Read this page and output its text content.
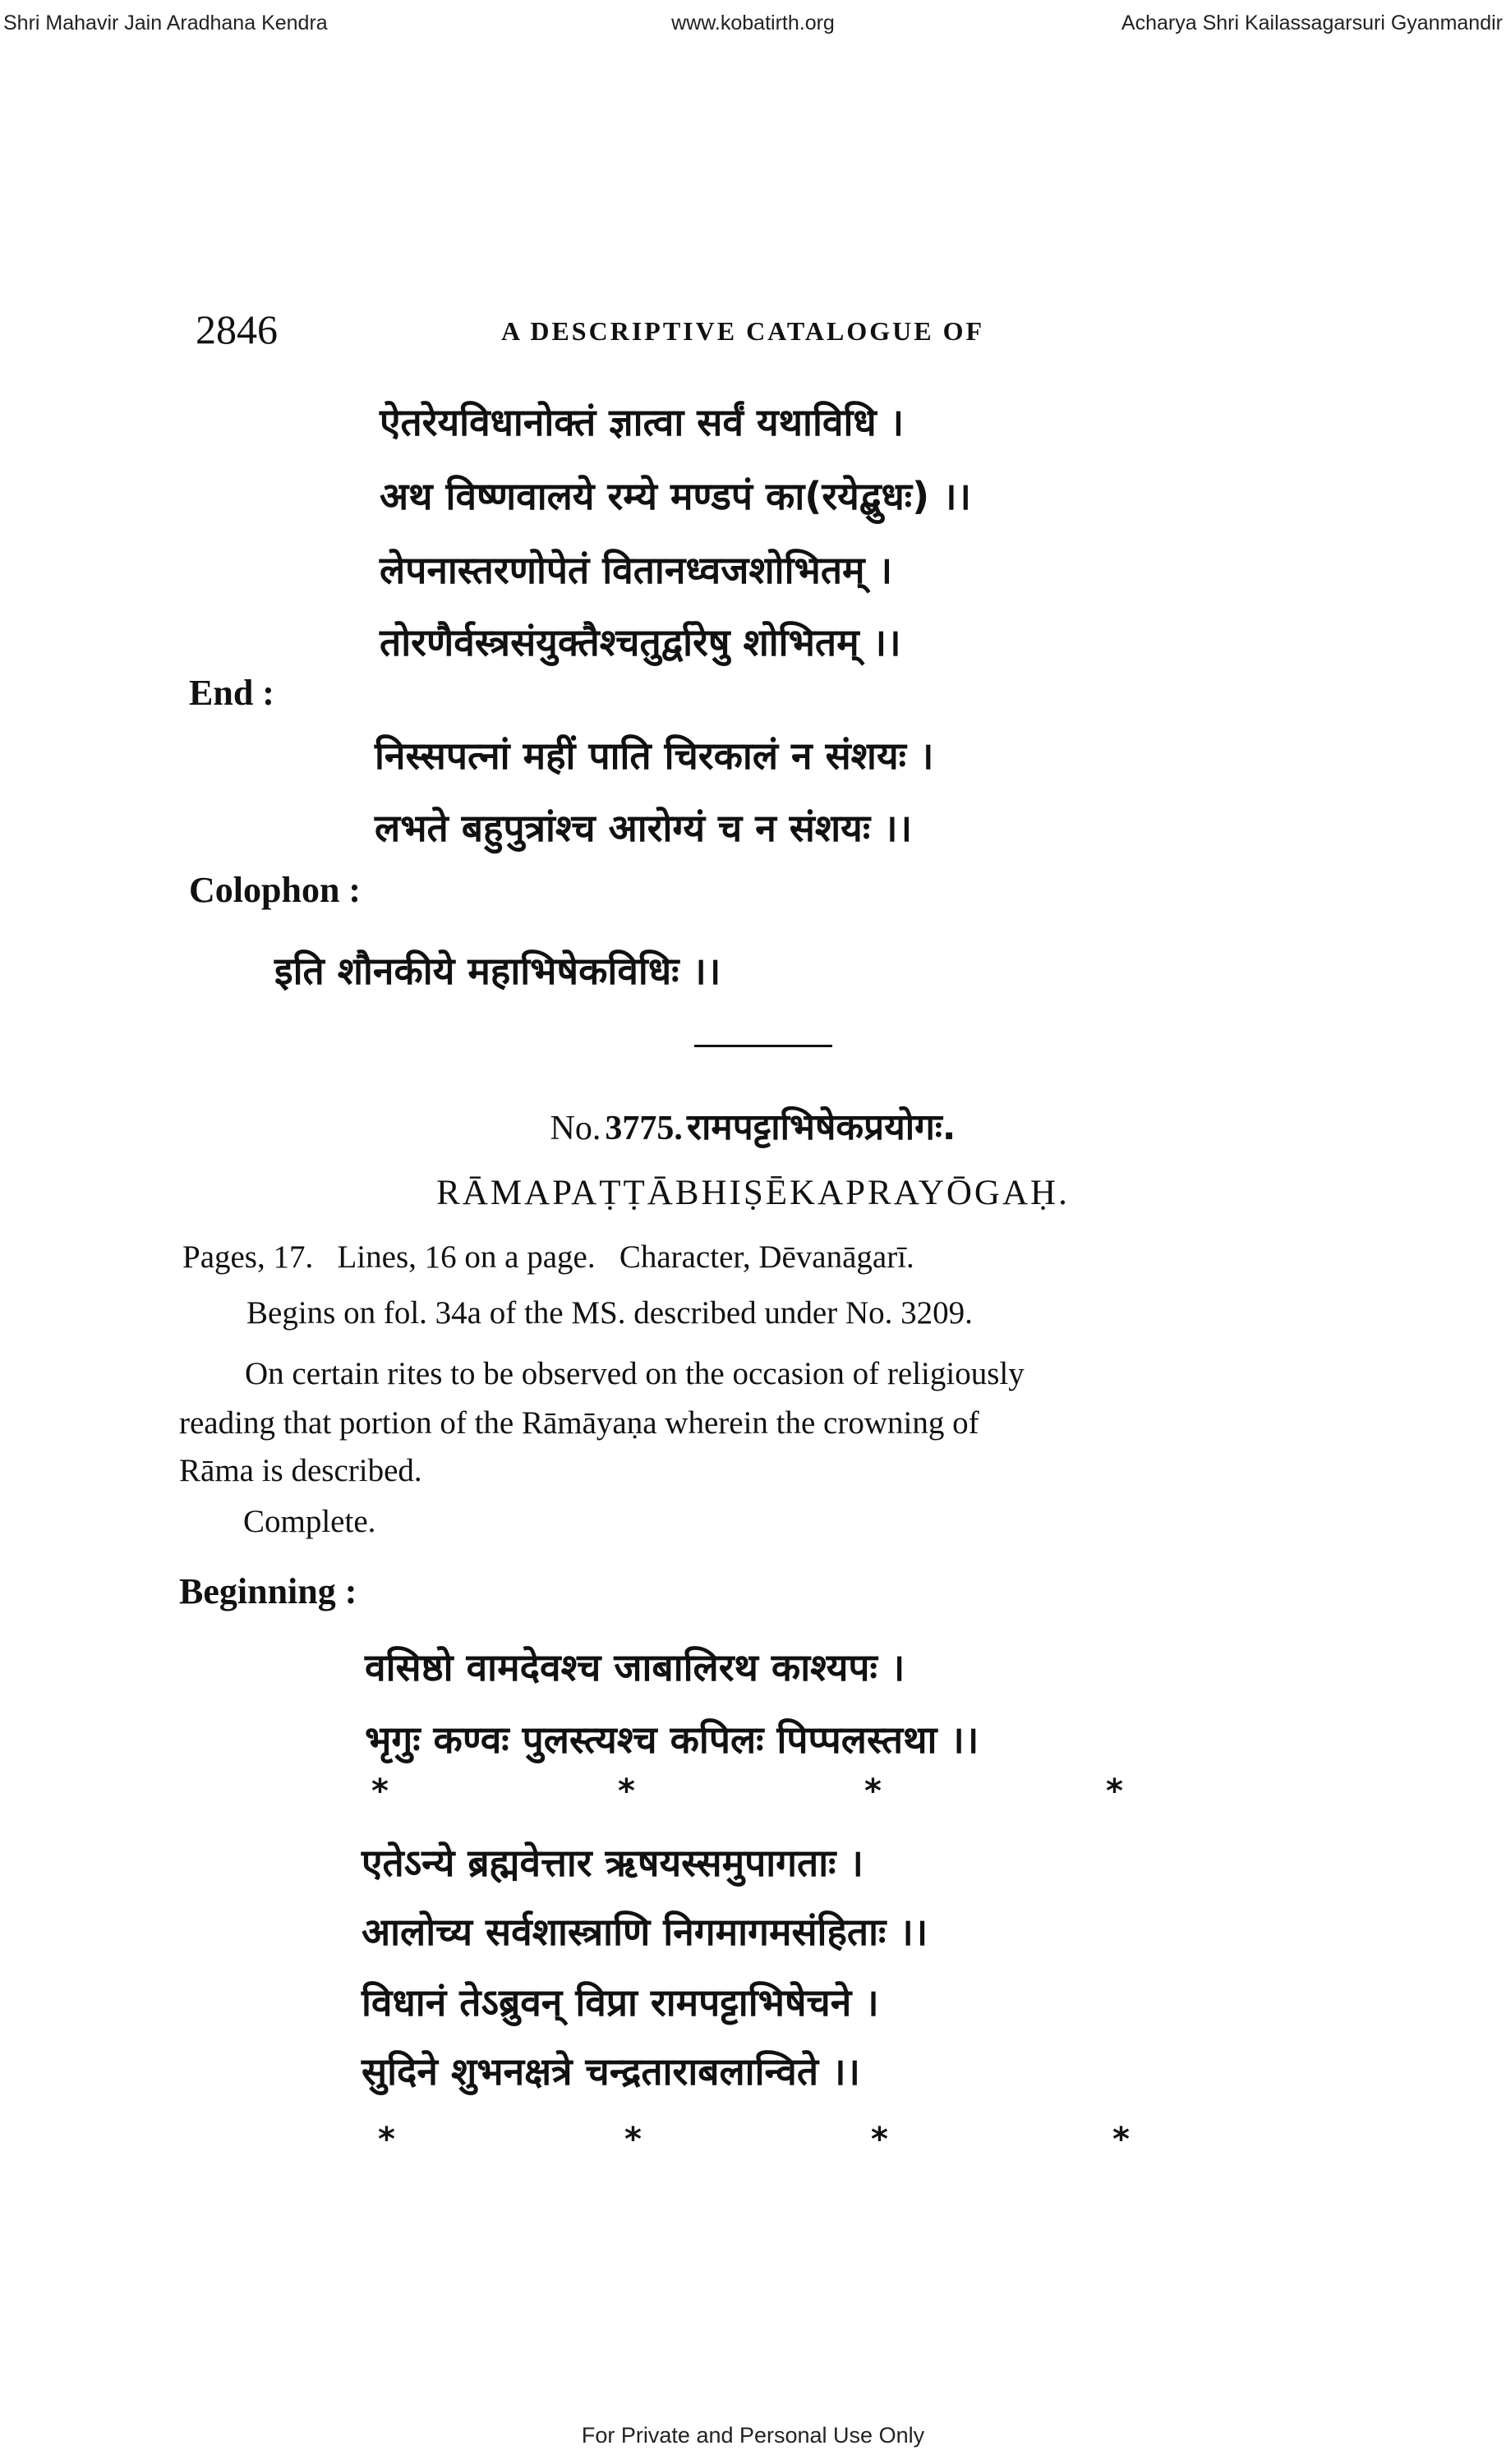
Shri Mahavir Jain Aradhana Kendra	www.kobatirth.org	Acharya Shri Kailassagarsuri Gyanmandir
2846	A DESCRIPTIVE CATALOGUE OF
ऐतरेयविधानोक्तं ज्ञात्वा सर्वं यथाविधि ।
अथ विष्णवालये रम्ये मण्डपं का(रयेद्बुधः) ।।
लेपनास्तरणोपेतं वितानध्वजशोभितम् ।
तोरणैर्वस्त्रसंयुक्तैश्चतुर्द्वारेषु शोभितम् ।।
End :
निस्सपत्नां महीं पाति चिरकालं न संशयः ।
लभते बहुपुत्रांश्च आरोग्यं च न संशयः ।।
Colophon :
इति शौनकीये महाभिषेकविधिः ।।
No. 3775. रामपट्टाभिषेकप्रयोगः.
RĀMAPAṬṬĀBHIṢĒKAPRAYŌGAḤ.
Pages, 17.   Lines, 16 on a page.   Character, Dēvanāgarī.
Begins on fol. 34a of the MS. described under No. 3209.
On certain rites to be observed on the occasion of religiously
reading that portion of the Rāmāyaṇa wherein the crowning of
Rāma is described.
Complete.
Beginning :
वसिष्ठो वामदेवश्च जाबालिरथ काश्यपः ।
भृगुः कण्वः पुलस्त्यश्च कपिलः पिप्पलस्तथा ।।
*	*	*	*
एतेऽन्ये ब्रह्मवेत्तार ऋषयस्समुपागताः ।
आलोच्य सर्वशास्त्राणि निगमागमसंहिताः ।।
विधानं तेऽब्रुवन् विप्रा रामपट्टाभिषेचने ।
सुदिने शुभनक्षत्रे चन्द्रताराबलान्विते ।।
*	*	*	*
For Private and Personal Use Only
